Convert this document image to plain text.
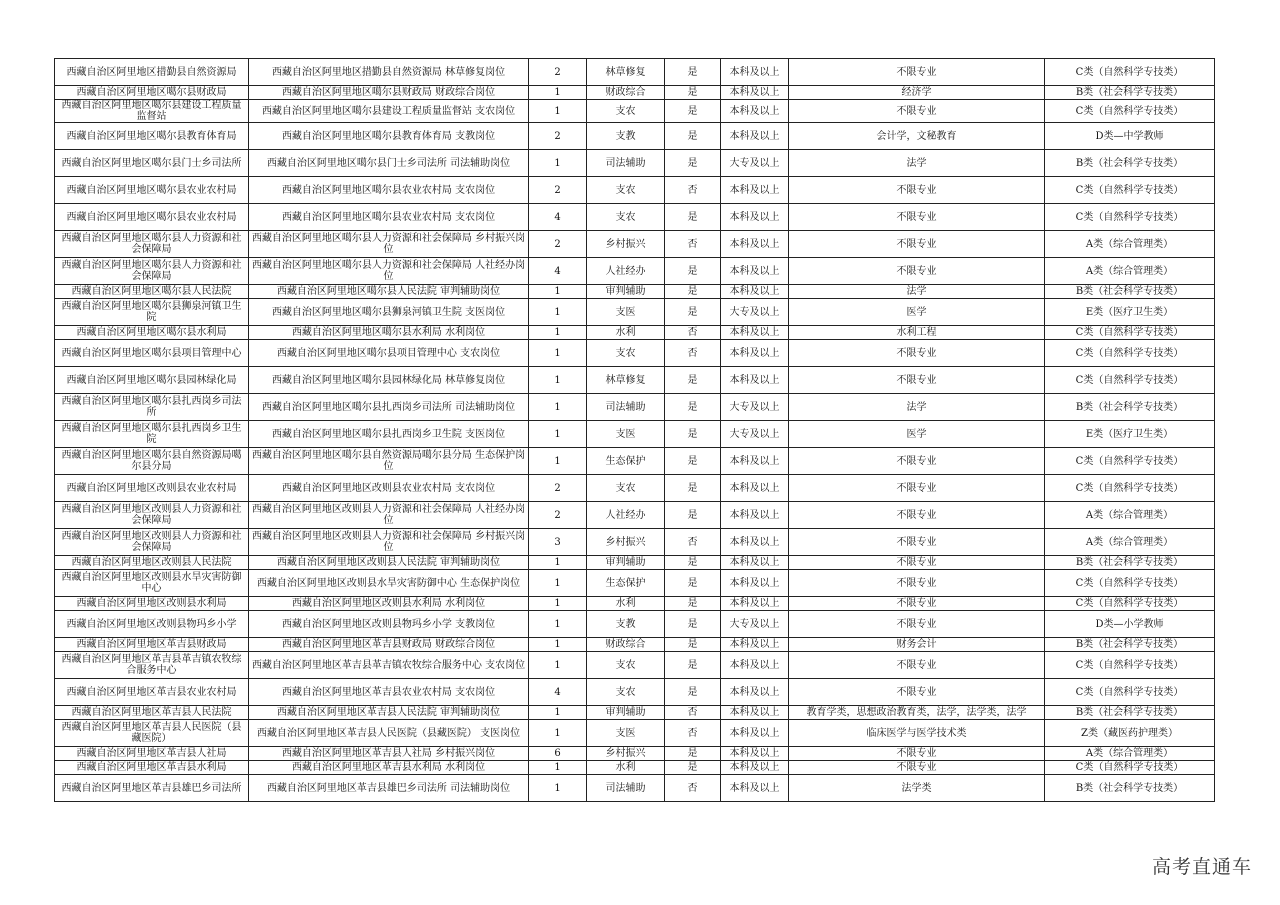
西藏自治区阿里地区措勤县自然资源局	西藏自治区阿里地区措勤县自然资源局 林草修复岗位	2	林草修复	是	本科及以上	不限专业	C类（自然科学专技类）
西藏自治区阿里地区噶尔县财政局	西藏自治区阿里地区噶尔县财政局 财政综合岗位	1	财政综合	是	本科及以上	经济学	B类（社会科学专技类）
西藏自治区阿里地区噶尔县建设工程质量监督站	西藏自治区阿里地区噶尔县建设工程质量监督站 支农岗位	1	支农	是	本科及以上	不限专业	C类（自然科学专技类）
西藏自治区阿里地区噶尔县教育体育局	西藏自治区阿里地区噶尔县教育体育局 支教岗位	2	支教	是	本科及以上	会计学，文秘教育	D类—中学教师
西藏自治区阿里地区噶尔县门士乡司法所	西藏自治区阿里地区噶尔县门士乡司法所 司法辅助岗位	1	司法辅助	是	大专及以上	法学	B类（社会科学专技类）
西藏自治区阿里地区噶尔县农业农村局	西藏自治区阿里地区噶尔县农业农村局 支农岗位	2	支农	否	本科及以上	不限专业	C类（自然科学专技类）
西藏自治区阿里地区噶尔县农业农村局	西藏自治区阿里地区噶尔县农业农村局 支农岗位	4	支农	是	本科及以上	不限专业	C类（自然科学专技类）
西藏自治区阿里地区噶尔县人力资源和社会保障局	西藏自治区阿里地区噶尔县人力资源和社会保障局 乡村振兴岗位	2	乡村振兴	否	本科及以上	不限专业	A类（综合管理类）
西藏自治区阿里地区噶尔县人力资源和社会保障局	西藏自治区阿里地区噶尔县人力资源和社会保障局 人社经办岗位	4	人社经办	是	本科及以上	不限专业	A类（综合管理类）
西藏自治区阿里地区噶尔县人民法院	西藏自治区阿里地区噶尔县人民法院 审判辅助岗位	1	审判辅助	是	本科及以上	法学	B类（社会科学专技类）
西藏自治区阿里地区噶尔县狮泉河镇卫生院	西藏自治区阿里地区噶尔县狮泉河镇卫生院 支医岗位	1	支医	是	大专及以上	医学	E类（医疗卫生类）
西藏自治区阿里地区噶尔县水利局	西藏自治区阿里地区噶尔县水利局 水利岗位	1	水利	否	本科及以上	水利工程	C类（自然科学专技类）
西藏自治区阿里地区噶尔县项目管理中心	西藏自治区阿里地区噶尔县项目管理中心 支农岗位	1	支农	否	本科及以上	不限专业	C类（自然科学专技类）
西藏自治区阿里地区噶尔县园林绿化局	西藏自治区阿里地区噶尔县园林绿化局 林草修复岗位	1	林草修复	是	本科及以上	不限专业	C类（自然科学专技类）
西藏自治区阿里地区噶尔县扎西岗乡司法所	西藏自治区阿里地区噶尔县扎西岗乡司法所 司法辅助岗位	1	司法辅助	是	大专及以上	法学	B类（社会科学专技类）
西藏自治区阿里地区噶尔县扎西岗乡卫生院	西藏自治区阿里地区噶尔县扎西岗乡卫生院 支医岗位	1	支医	是	大专及以上	医学	E类（医疗卫生类）
西藏自治区阿里地区噶尔县自然资源局噶尔县分局	西藏自治区阿里地区噶尔县自然资源局噶尔县分局 生态保护岗位	1	生态保护	是	本科及以上	不限专业	C类（自然科学专技类）
西藏自治区阿里地区改则县农业农村局	西藏自治区阿里地区改则县农业农村局 支农岗位	2	支农	是	本科及以上	不限专业	C类（自然科学专技类）
西藏自治区阿里地区改则县人力资源和社会保障局	西藏自治区阿里地区改则县人力资源和社会保障局 人社经办岗位	2	人社经办	是	本科及以上	不限专业	A类（综合管理类）
西藏自治区阿里地区改则县人力资源和社会保障局	西藏自治区阿里地区改则县人力资源和社会保障局 乡村振兴岗位	3	乡村振兴	否	本科及以上	不限专业	A类（综合管理类）
西藏自治区阿里地区改则县人民法院	西藏自治区阿里地区改则县人民法院 审判辅助岗位	1	审判辅助	是	本科及以上	不限专业	B类（社会科学专技类）
西藏自治区阿里地区改则县水旱灾害防御中心	西藏自治区阿里地区改则县水旱灾害防御中心 生态保护岗位	1	生态保护	是	本科及以上	不限专业	C类（自然科学专技类）
西藏自治区阿里地区改则县水利局	西藏自治区阿里地区改则县水利局 水利岗位	1	水利	是	本科及以上	不限专业	C类（自然科学专技类）
西藏自治区阿里地区改则县物玛乡小学	西藏自治区阿里地区改则县物玛乡小学 支教岗位	1	支教	是	大专及以上	不限专业	D类—小学教师
西藏自治区阿里地区革吉县财政局	西藏自治区阿里地区革吉县财政局 财政综合岗位	1	财政综合	是	本科及以上	财务会计	B类（社会科学专技类）
西藏自治区阿里地区革吉县革吉镇农牧综合服务中心	西藏自治区阿里地区革吉县革吉镇农牧综合服务中心 支农岗位	1	支农	是	本科及以上	不限专业	C类（自然科学专技类）
西藏自治区阿里地区革吉县农业农村局	西藏自治区阿里地区革吉县农业农村局 支农岗位	4	支农	是	本科及以上	不限专业	C类（自然科学专技类）
西藏自治区阿里地区革吉县人民法院	西藏自治区阿里地区革吉县人民法院 审判辅助岗位	1	审判辅助	否	本科及以上	教育学类，思想政治教育类，法学，法学类，法学	B类（社会科学专技类）
西藏自治区阿里地区革吉县人民医院（县藏医院）	西藏自治区阿里地区革吉县人民医院（县藏医院） 支医岗位	1	支医	否	本科及以上	临床医学与医学技术类	Z类（藏医药护理类）
西藏自治区阿里地区革吉县人社局	西藏自治区阿里地区革吉县人社局 乡村振兴岗位	6	乡村振兴	是	本科及以上	不限专业	A类（综合管理类）
西藏自治区阿里地区革吉县水利局	西藏自治区阿里地区革吉县水利局 水利岗位	1	水利	是	本科及以上	不限专业	C类（自然科学专技类）
西藏自治区阿里地区革吉县雄巴乡司法所	西藏自治区阿里地区革吉县雄巴乡司法所 司法辅助岗位	1	司法辅助	否	本科及以上	法学类	B类（社会科学专技类）
高考直通车
